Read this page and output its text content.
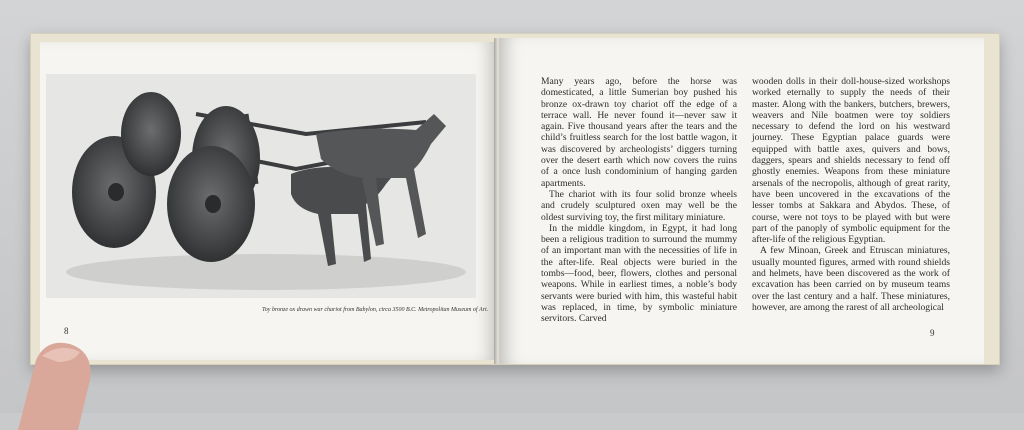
Toy bronze ox drawn war chariot from Babylon, circa 3500 B.C. Metropolitan Museum of Art.

Many years ago, before the horse was domesticated, a little Sumerian boy pushed his bronze ox-drawn toy chariot off the edge of a terrace wall. He never found it—never saw it again. Five thousand years after the tears and the child’s fruitless search for the lost battle wagon, it was discovered by archeologists’ diggers turning over the desert earth which now covers the ruins of a once lush condominium of hanging garden apartments.

The chariot with its four solid bronze wheels and crudely sculptured oxen may well be the oldest surviving toy, the first military miniature.

In the middle kingdom, in Egypt, it had long been a religious tradition to surround the mummy of an important man with the necessities of life in the after-life. Real objects were buried in the tombs—food, beer, flowers, clothes and personal weapons. While in earliest times, a noble’s body servants were buried with him, this wasteful habit was replaced, in time, by symbolic miniature servitors. Carved

wooden dolls in their doll-house-sized workshops worked eternally to supply the needs of their master. Along with the bankers, butchers, brewers, weavers and Nile boatmen were toy soldiers necessary to defend the lord on his westward journey. These Egyptian palace guards were equipped with battle axes, quivers and bows, daggers, spears and shields necessary to fend off ghostly enemies. Weapons from these miniature arsenals of the necropolis, although of great rarity, have been uncovered in the excavations of the lesser tombs at Sakkara and Abydos. These, of course, were not toys to be played with but were part of the panoply of symbolic equipment for the after-life of the religious Egyptian.

A few Minoan, Greek and Etruscan miniatures, usually mounted figures, armed with round shields and helmets, have been discovered as the work of excavation has been carried on by museum teams over the last century and a half. These miniatures, however, are among the rarest of all archeological

8	9
